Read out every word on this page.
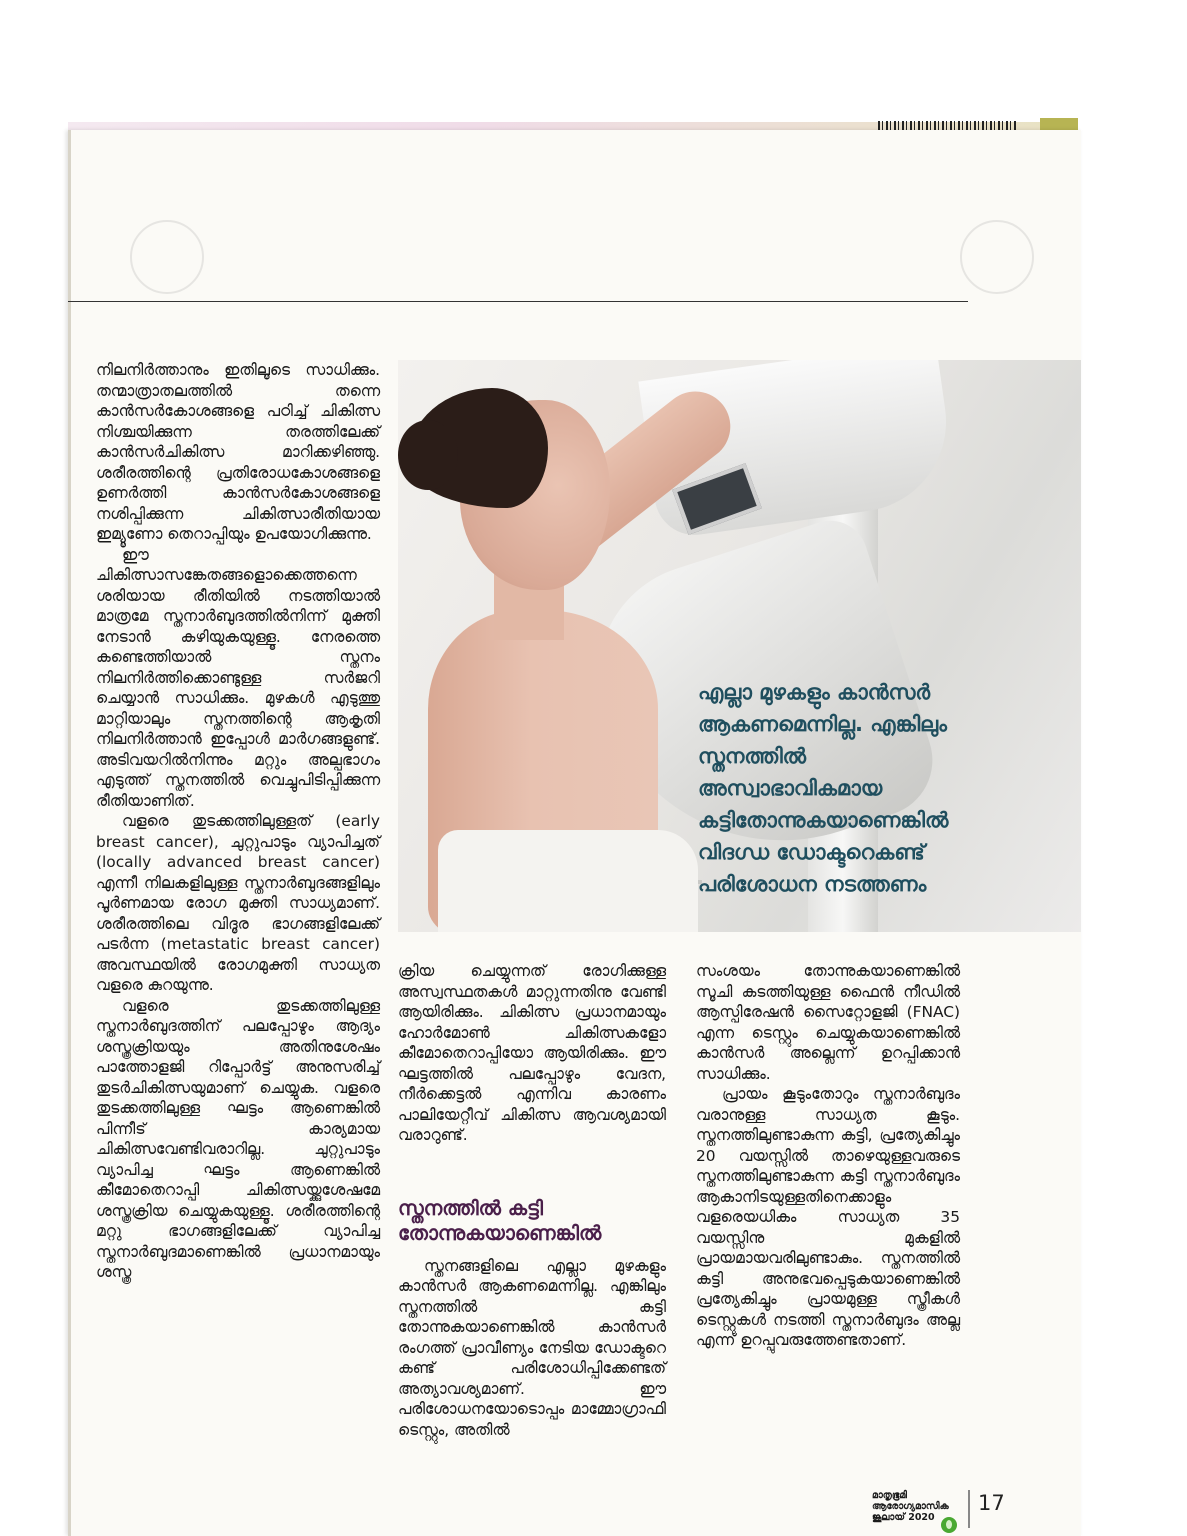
നിലനിർത്താനും ഇതിലൂടെ സാധിക്കും. തന്മാത്രാതലത്തിൽ തന്നെ കാൻസർകോശങ്ങളെ പഠിച്ച് ചികിത്സ നിശ്ചയിക്കുന്ന തരത്തിലേക്ക് കാൻസർചികിത്സ മാറിക്കഴിഞ്ഞു. ശരീരത്തിന്റെ പ്രതിരോധകോശങ്ങളെ ഉണർത്തി കാൻസർകോശങ്ങളെ നശിപ്പിക്കുന്ന ചികിത്സാരീതിയായ ഇമ്യൂണോ തെറാപ്പിയും ഉപയോഗിക്കുന്നു.

ഈ ചികിത്സാസങ്കേതങ്ങളൊക്കെത്തന്നെ ശരിയായ രീതിയിൽ നടത്തിയാൽ മാത്രമേ സ്തനാർബുദത്തിൽനിന്ന് മുക്തി നേടാൻ കഴിയുകയുള്ളൂ. നേരത്തെ കണ്ടെത്തിയാൽ സ്തനം നിലനിർത്തിക്കൊണ്ടുള്ള സർജറി ചെയ്യാൻ സാധിക്കും. മുഴകൾ എടുത്തു മാറ്റിയാലും സ്തനത്തിന്റെ ആകൃതി നിലനിർത്താൻ ഇപ്പോൾ മാർഗങ്ങളുണ്ട്. അടിവയറിൽനിന്നും മറ്റും അല്പഭാഗം എടുത്ത് സ്തനത്തിൽ വെച്ചുപിടിപ്പിക്കുന്ന രീതിയാണിത്.

വളരെ തുടക്കത്തിലുള്ളത് (early breast cancer), ചുറ്റുപാടും വ്യാപിച്ചത് (locally advanced breast cancer) എന്നീ നിലകളിലുള്ള സ്തനാർബുദങ്ങളിലും പൂർണമായ രോഗ മുക്തി സാധ്യമാണ്. ശരീരത്തിലെ വിദൂര ഭാഗങ്ങളിലേക്ക് പടർന്ന (metastatic breast cancer) അവസ്ഥയിൽ രോഗമുക്തി സാധ്യത വളരെ കുറയുന്നു.

വളരെ തുടക്കത്തിലുള്ള സ്തനാർബുദത്തിന് പലപ്പോഴും ആദ്യം ശസ്ത്രക്രിയയും അതിനുശേഷം പാത്തോളജി റിപ്പോർട്ട് അനുസരിച്ച് തുടർചികിത്സയുമാണ് ചെയ്യുക. വളരെ തുടക്കത്തിലുള്ള ഘട്ടം ആണെങ്കിൽ പിന്നീട് കാര്യമായ ചികിത്സവേണ്ടിവരാറില്ല. ചുറ്റുപാടും വ്യാപിച്ച ഘട്ടം ആണെങ്കിൽ കീമോതെറാപ്പി ചികിത്സയ്ക്കുശേഷമേ ശസ്ത്രക്രിയ ചെയ്യുകയുള്ളൂ. ശരീരത്തിന്റെ മറ്റു ഭാഗങ്ങളിലേക്ക് വ്യാപിച്ച സ്തനാർബുദമാണെങ്കിൽ പ്രധാനമായും ശസ്ത്ര

എല്ലാ മുഴകളും കാൻസർ ആകണമെന്നില്ല. എങ്കിലും സ്തനത്തിൽ അസ്വാഭാവികമായ കട്ടിതോന്നുകയാണെങ്കിൽ വിദഗ്ധ ഡോക്ടറെകണ്ട് പരിശോധന നടത്തണം

ക്രിയ ചെയ്യുന്നത് രോഗിക്കുള്ള അസ്വസ്ഥതകൾ മാറ്റുന്നതിനു വേണ്ടി ആയിരിക്കും. ചികിത്സ പ്രധാനമായും ഹോർമോൺ ചികിത്സകളോ കീമോതെറാപ്പിയോ ആയിരിക്കും. ഈ ഘട്ടത്തിൽ പലപ്പോഴും വേദന, നീർക്കെട്ടൽ എന്നിവ കാരണം പാലിയേറ്റീവ് ചികിത്സ ആവശ്യമായി വരാറുണ്ട്.

സ്തനത്തിൽ കട്ടി തോന്നുകയാണെങ്കിൽ

സ്തനങ്ങളിലെ എല്ലാ മുഴകളും കാൻസർ ആകണമെന്നില്ല. എങ്കിലും സ്തനത്തിൽ കട്ടി തോന്നുകയാണെങ്കിൽ കാൻസർ രംഗത്ത് പ്രാവീണ്യം നേടിയ ഡോക്ടറെ കണ്ട് പരിശോധിപ്പിക്കേണ്ടത് അത്യാവശ്യമാണ്. ഈ പരിശോധനയോടൊപ്പം മാമ്മോഗ്രാഫി ടെസ്റ്റും, അതിൽ

സംശയം തോന്നുകയാണെങ്കിൽ സൂചി കടത്തിയുള്ള ഫൈൻ നീഡിൽ ആസ്പിരേഷൻ സൈറ്റോളജി (FNAC) എന്ന ടെസ്റ്റും ചെയ്യുകയാണെങ്കിൽ കാൻസർ അല്ലെന്ന് ഉറപ്പിക്കാൻ സാധിക്കും.

പ്രായം കൂടുംതോറും സ്തനാർബുദം വരാനുള്ള സാധ്യത കൂടും. സ്തനത്തിലുണ്ടാകുന്ന കട്ടി, പ്രത്യേകിച്ചും 20 വയസ്സിൽ താഴെയുള്ളവരുടെ സ്തനത്തിലുണ്ടാകുന്ന കട്ടി സ്തനാർബുദം ആകാനിടയുള്ളതിനെക്കാളും വളരെയധികം സാധ്യത 35 വയസ്സിനു മുകളിൽ പ്രായമായവരിലുണ്ടാകും. സ്തനത്തിൽ കട്ടി അനുഭവപ്പെടുകയാണെങ്കിൽ പ്രത്യേകിച്ചും പ്രായമുള്ള സ്ത്രീകൾ ടെസ്റ്റുകൾ നടത്തി സ്തനാർബുദം അല്ല എന്ന് ഉറപ്പുവരുത്തേണ്ടതാണ്.

മാതൃഭൂമി
ആരോഗ്യമാസിക
ജൂലായ് 2020
17
